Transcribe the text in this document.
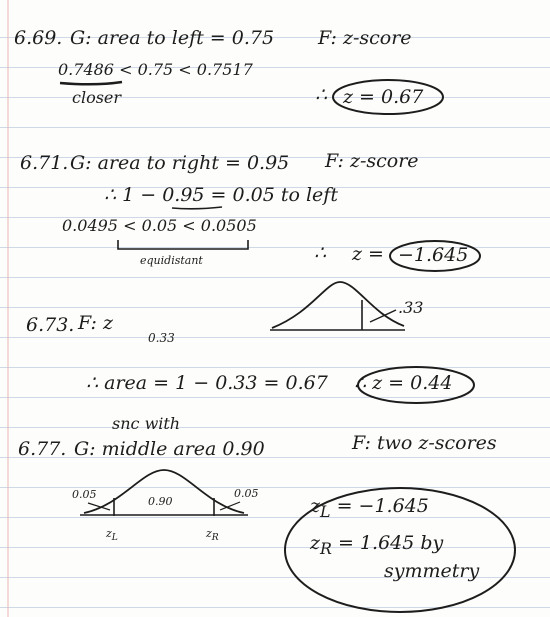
6.69. G: area to left = 0.75 F: z-score
0.7486 < 0.75 < 0.7517
closer	∴ z = 0.67
6.71. G: area to right = 0.95 F: z-score
∴ 1 − 0.95 = 0.05 to left
0.0495 < 0.05 < 0.0505
equidistant	∴ z = −1.645
6.73. F: z
0.33
.33
∴ area = 1 − 0.33 = 0.67 ∴ z = 0.44
snc with
6.77. G: middle area 0.90	F: two z-scores
0.05
0.90
0.05
$z_L$	$z_R$
$z_L = -1.645$
$z_R = 1.645$ by
symmetry
